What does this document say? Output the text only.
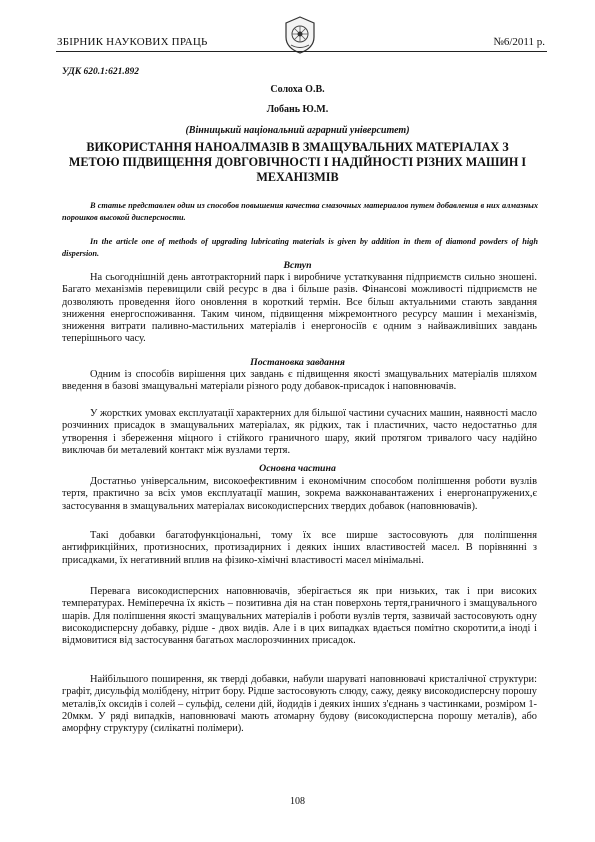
ЗБІРНИК НАУКОВИХ ПРАЦЬ	№6/2011 р.
УДК 620.1:621.892
Солоха О.В.
Лобань Ю.М.
(Вінницький національний аграрний університет)
ВИКОРИСТАННЯ НАНОАЛМАЗІВ В ЗМАЩУВАЛЬНИХ МАТЕРІАЛАХ З МЕТОЮ ПІДВИЩЕННЯ ДОВГОВІЧНОСТІ І НАДІЙНОСТІ РІЗНИХ МАШИН І МЕХАНІЗМІВ
В статье представлен один из способов повышения качества смазочных материалов путем добавления в них алмазных порошков высокой дисперсности.
In the article one of methods of upgrading lubricating materials is given by addition in them of diamond powders of high dispersion.
Вступ
На сьогоднішній день автотракторний парк і виробниче устаткування підприємств сильно зношені. Багато механізмів перевищили свій ресурс в два і більше разів. Фінансові можливості підприємств не дозволяють проведення його оновлення в короткий термін. Все більш актуальними стають завдання зниження енергоспоживання. Таким чином, підвищення міжремонтного ресурсу машин і механізмів, зниження витрати паливно-мастильних матеріалів і енергоносіїв є одним з найважливіших завдань теперішнього часу.
Постановка завдання
Одним із способів вирішення цих завдань є підвищення якості змащувальних матеріалів шляхом введення в базові змащувальні матеріали різного роду добавок-присадок і наповнювачів.
У жорстких умовах експлуатації характерних для більшої частини сучасних машин, наявності масло розчинних присадок в змащувальних матеріалах, як рідких, так і пластичних, часто недостатньо для утворення і збереження міцного і стійкого граничного шару, який протягом тривалого часу надійно виключав би металевий контакт між вузлами тертя.
Основна частина
Достатньо універсальним, високоефективним і економічним способом поліпшення роботи вузлів тертя, практично за всіх умов експлуатації машин, зокрема важконавантажених і енергонапружених,є застосування в змащувальних матеріалах високодисперсних твердих добавок (наповнювачів).
Такі добавки багатофункціональні, тому їх все ширше застосовують для поліпшення антифрикційних, протизносних, протизадирних і деяких інших властивостей масел. В порівнянні з присадками, їх негативний вплив на фізико-хімічні властивості масел мінімальні.
Перевага високодисперсних наповнювачів, зберігається як при низьких, так і при високих температурах. Неміперечна їх якість – позитивна дія на стан поверхонь тертя,граничного і змащувального шарів. Для поліпшення якості змащувальних матеріалів і роботи вузлів тертя, зазвичай застосовують одну високодисперсну добавку, рідше - двох видів. Але і в цих випадках вдається помітно скоротити,а іноді і відмовитися від застосування багатьох маслорозчинних присадок.
Найбільшого поширення, як тверді добавки, набули шаруваті наповнювачі кристалічної структури: графіт, дисульфід молібдену, нітрит бору. Рідше застосовують слюду, сажу, деяку високодисперсну порошу металів,їх оксидів і солей – сульфід, селени дій, йодидів і деяких інших з'єднань з частинками, розміром 1-20мкм. У ряді випадків, наповнювачі мають атомарну будову (високодисперсна порошу металів), або аморфну структуру (силікатні полімери).
108
